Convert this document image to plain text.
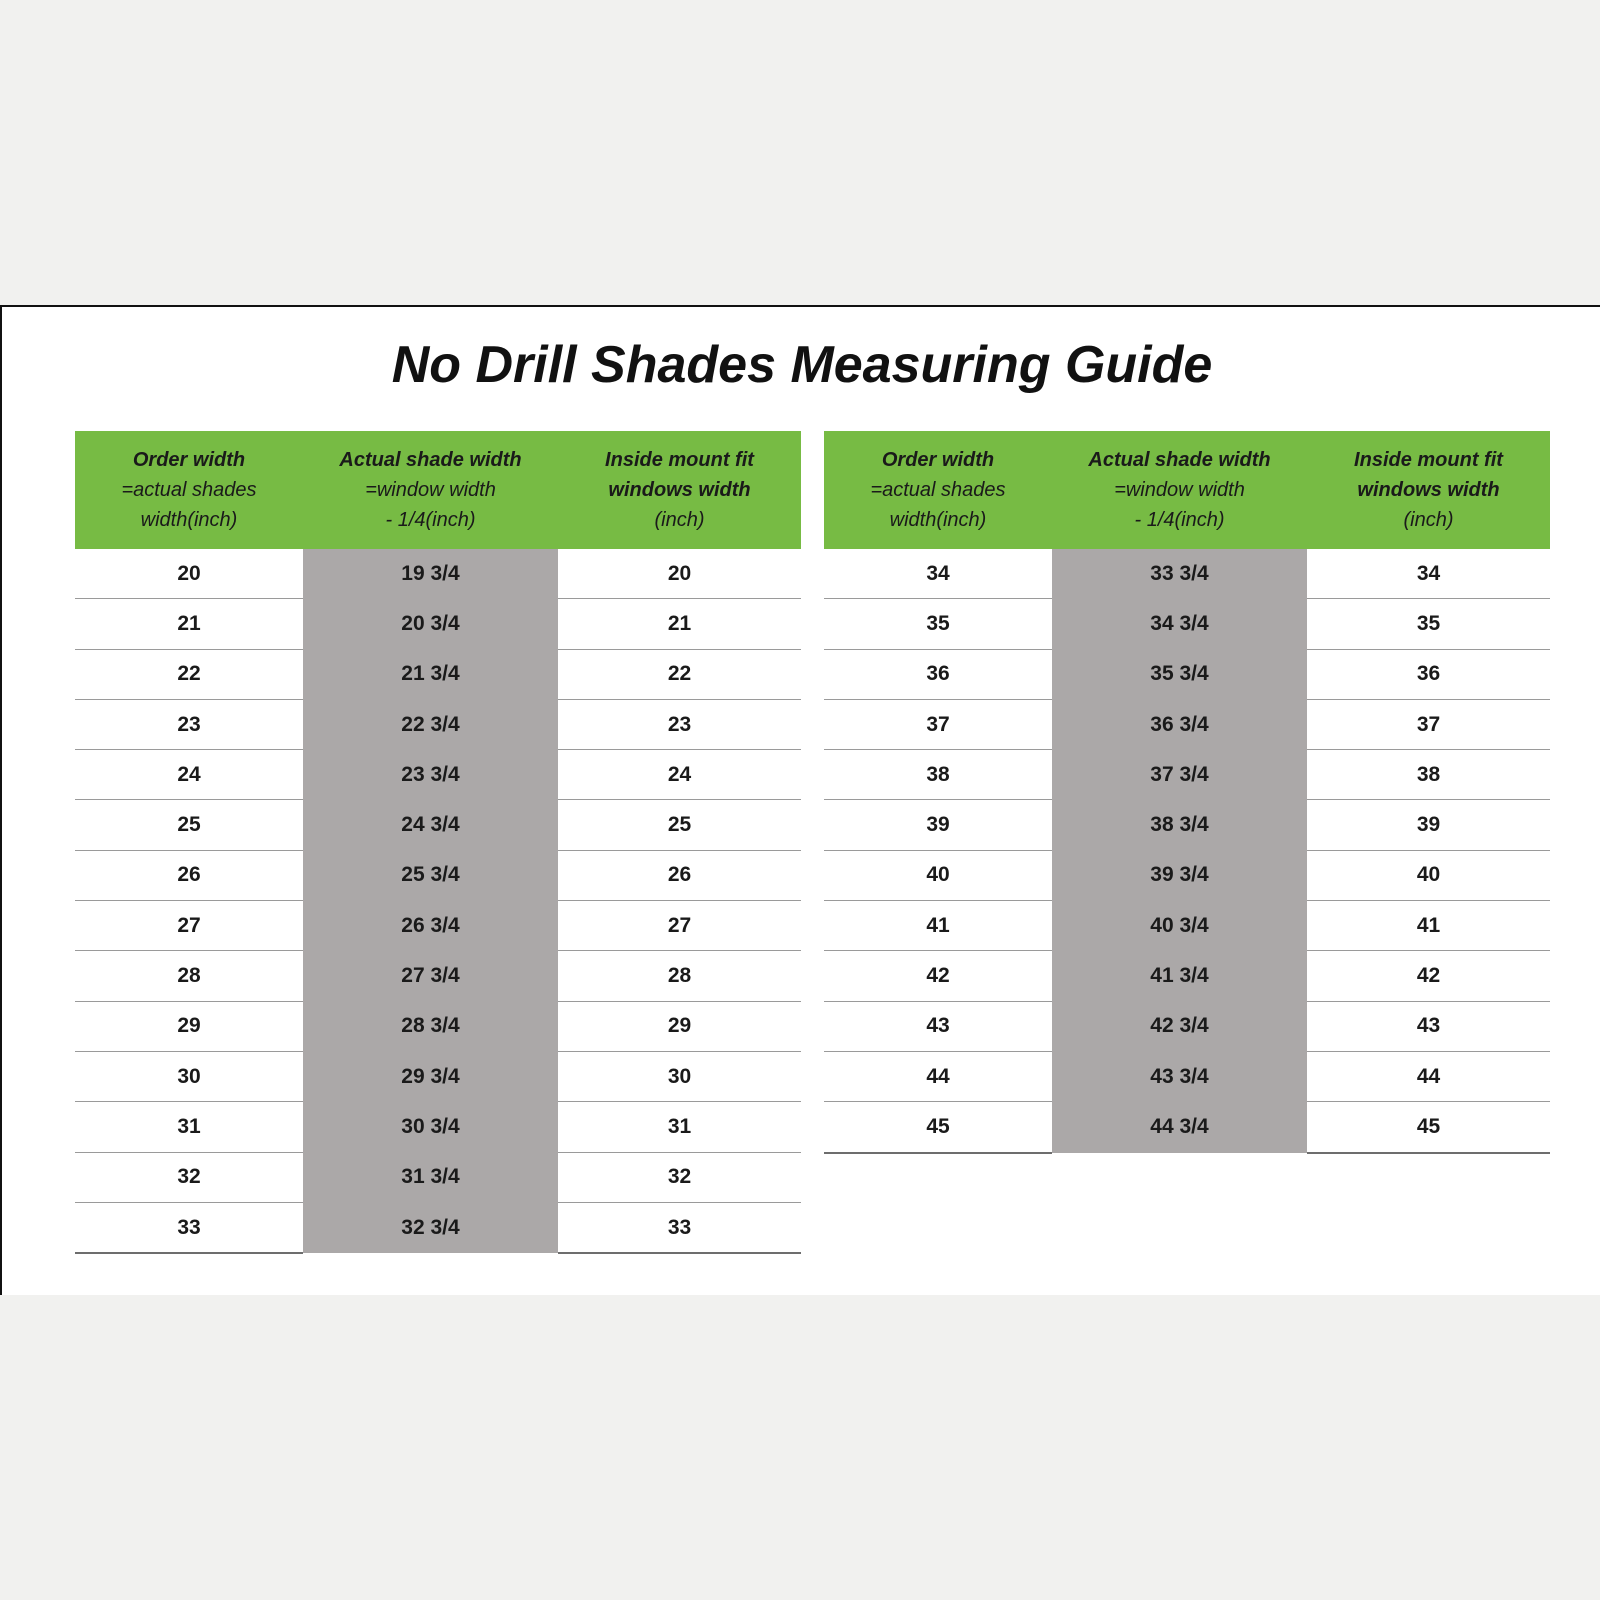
No Drill Shades Measuring Guide
Order width
=actual shades
width(inch)	Actual shade width
=window width
- 1/4(inch)	Inside mount fit
windows width
(inch)

20	19 3/4	20
21	20 3/4	21
22	21 3/4	22
23	22 3/4	23
24	23 3/4	24
25	24 3/4	25
26	25 3/4	26
27	26 3/4	27
28	27 3/4	28
29	28 3/4	29
30	29 3/4	30
31	30 3/4	31
32	31 3/4	32
33	32 3/4	33
Order width
=actual shades
width(inch)	Actual shade width
=window width
- 1/4(inch)	Inside mount fit
windows width
(inch)

34	33 3/4	34
35	34 3/4	35
36	35 3/4	36
37	36 3/4	37
38	37 3/4	38
39	38 3/4	39
40	39 3/4	40
41	40 3/4	41
42	41 3/4	42
43	42 3/4	43
44	43 3/4	44
45	44 3/4	45
